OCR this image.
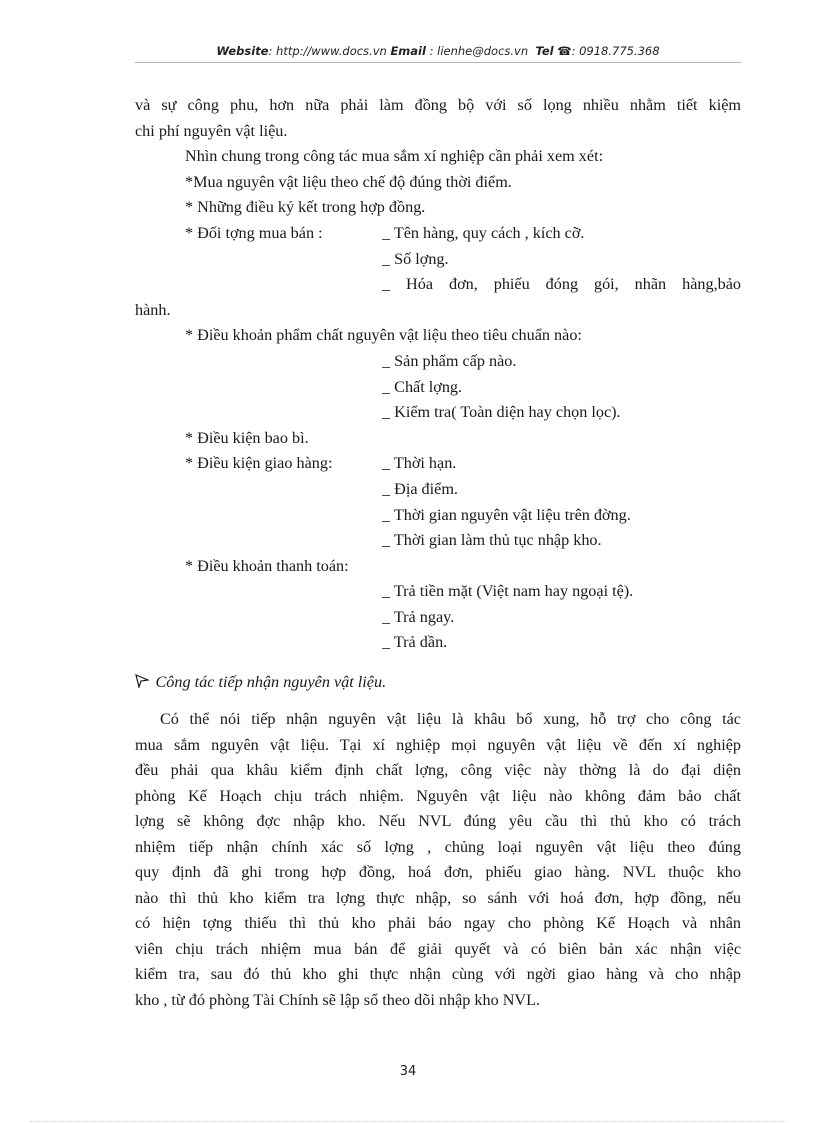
Website: http://www.docs.vn Email : lienhe@docs.vn Tel ☎: 0918.775.368
và sự công phu, hơn nữa phải làm đồng bộ với số lọng nhiều nhằm tiết kiệm
chi phí nguyên vật liệu.
Nhìn chung trong công tác mua sắm xí nghiệp cần phải xem xét:
*Mua nguyên vật liệu theo chế độ đúng thời điểm.
* Những điều ký kết trong hợp đồng.
* Đối tợng mua bán :	_ Tên hàng, quy cách , kích cỡ.
_ Số lợng.
_ Hóa đơn, phiếu đóng gói, nhãn hàng,bảo
hành.
* Điều khoản phẩm chất nguyên vật liệu theo tiêu chuẩn nào:
_ Sản phẩm cấp nào.
_ Chất lợng.
_ Kiểm tra( Toàn diện hay chọn lọc).
* Điều kiện bao bì.
* Điều kiện giao hàng:	_ Thời hạn.
_ Địa điểm.
_ Thời gian nguyên vật liệu trên đờng.
_ Thời gian làm thủ tục nhập kho.
* Điều khoản thanh toán:
_ Trả tiền mặt (Việt nam hay ngoại tệ).
_ Trả ngay.
_ Trả dần.
Công tác tiếp nhận nguyên vật liệu.
Có thể nói tiếp nhận nguyên vật liệu là khâu bổ xung, hỗ trợ cho công tác
mua sắm nguyên vật liệu. Tại xí nghiệp mọi nguyên vật liệu về đến xí nghiệp
đều phải qua khâu kiểm định chất lợng, công việc này thờng là do đại diện
phòng Kế Hoạch chịu trách nhiệm. Nguyên vật liệu nào không đảm bảo chất
lợng sẽ không đợc nhập kho. Nếu NVL đúng yêu cầu thì thủ kho có trách
nhiệm tiếp nhận chính xác số lợng , chủng loại nguyên vật liệu theo đúng
quy định đã ghi trong hợp đồng, hoá đơn, phiếu giao hàng. NVL thuộc kho
nào thì thủ kho kiểm tra lợng thực nhập, so sánh với hoá đơn, hợp đồng, nếu
có hiện tợng thiếu thì thủ kho phải báo ngay cho phòng Kế Hoạch và nhân
viên chịu trách nhiệm mua bán để giải quyết và có biên bản xác nhận việc
kiểm tra, sau đó thủ kho ghi thực nhận cùng với ngời giao hàng và cho nhập
kho , từ đó phòng Tài Chính sẽ lập sổ theo dõi nhập kho NVL.
34
